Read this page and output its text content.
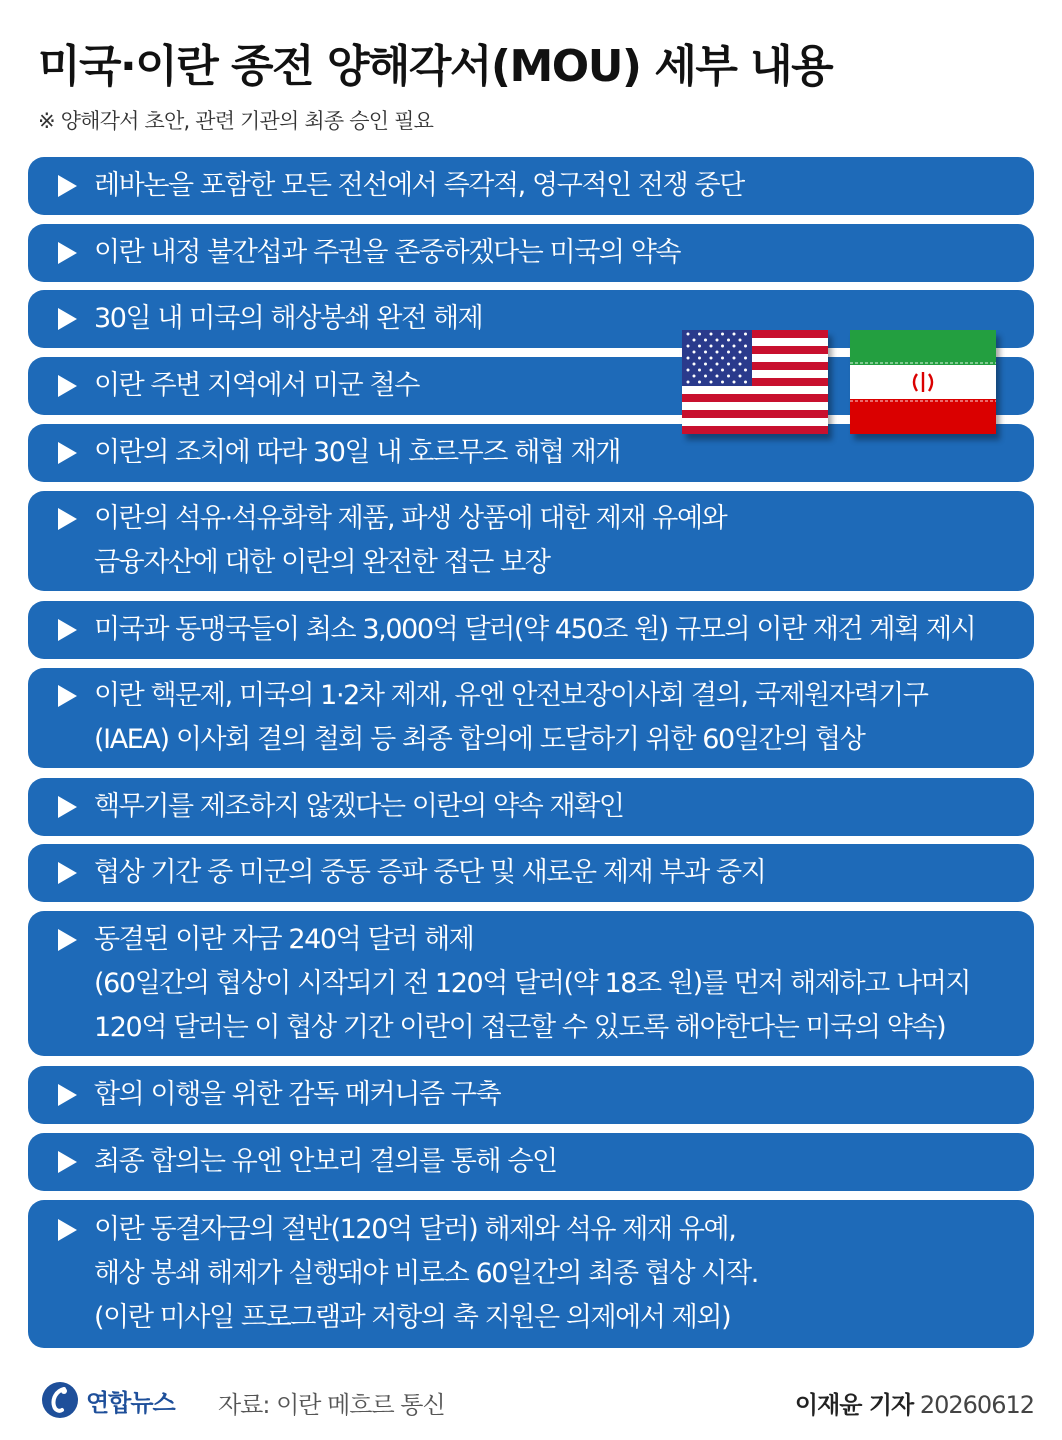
미국·이란 종전 양해각서(MOU) 세부 내용
※ 양해각서 초안, 관련 기관의 최종 승인 필요
레바논을 포함한 모든 전선에서 즉각적, 영구적인 전쟁 중단
이란 내정 불간섭과 주권을 존중하겠다는 미국의 약속
30일 내 미국의 해상봉쇄 완전 해제
이란 주변 지역에서 미군 철수
이란의 조치에 따라 30일 내 호르무즈 해협 재개
이란의 석유·석유화학 제품, 파생 상품에 대한 제재 유예와
금융자산에 대한 이란의 완전한 접근 보장
미국과 동맹국들이 최소 3,000억 달러(약 450조 원) 규모의 이란 재건 계획 제시
이란 핵문제, 미국의 1·2차 제재, 유엔 안전보장이사회 결의, 국제원자력기구
(IAEA) 이사회 결의 철회 등 최종 합의에 도달하기 위한 60일간의 협상
핵무기를 제조하지 않겠다는 이란의 약속 재확인
협상 기간 중 미군의 중동 증파 중단 및 새로운 제재 부과 중지
동결된 이란 자금 240억 달러 해제
(60일간의 협상이 시작되기 전 120억 달러(약 18조 원)를 먼저 해제하고 나머지
120억 달러는 이 협상 기간 이란이 접근할 수 있도록 해야한다는 미국의 약속)
합의 이행을 위한 감독 메커니즘 구축
최종 합의는 유엔 안보리 결의를 통해 승인
이란 동결자금의 절반(120억 달러) 해제와 석유 제재 유예,
해상 봉쇄 해제가 실행돼야 비로소 60일간의 최종 협상 시작.
(이란 미사일 프로그램과 저항의 축 지원은 의제에서 제외)
연합뉴스 자료: 이란 메흐르 통신	이재윤 기자 20260612
